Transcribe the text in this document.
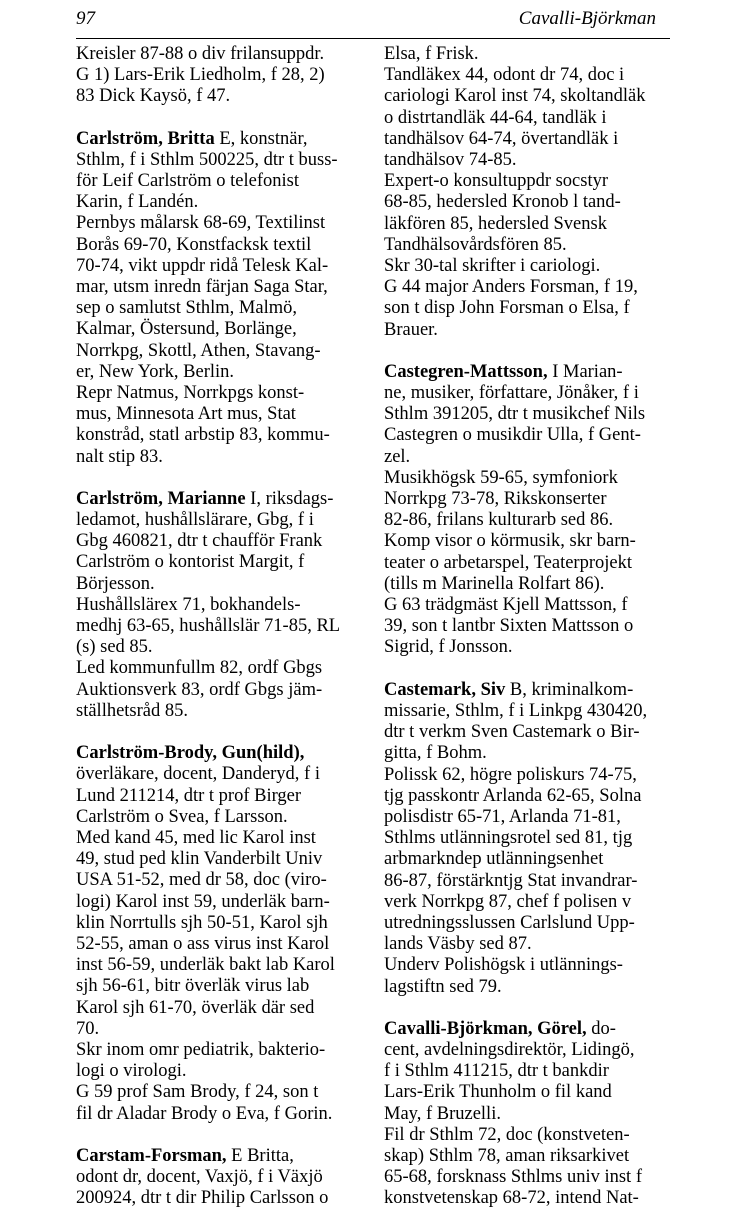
97	Cavalli-Björkman
Kreisler 87-88 o div frilansuppdr.
G 1) Lars-Erik Liedholm, f 28, 2)
83 Dick Kaysö, f 47.
Carlström, Britta E, konstnär,
Sthlm, f i Sthlm 500225, dtr t buss-
för Leif Carlström o telefonist
Karin, f Landén.
Pernbys målarsk 68-69, Textilinst
Borås 69-70, Konstfacksk textil
70-74, vikt uppdr ridå Telesk Kal-
mar, utsm inredn färjan Saga Star,
sep o samlutst Sthlm, Malmö,
Kalmar, Östersund, Borlänge,
Norrkpg, Skottl, Athen, Stavang-
er, New York, Berlin.
Repr Natmus, Norrkpgs konst-
mus, Minnesota Art mus, Stat
konstråd, statl arbstip 83, kommu-
nalt stip 83.
Carlström, Marianne I, riksdags-
ledamot, hushållslärare, Gbg, f i
Gbg 460821, dtr t chaufför Frank
Carlström o kontorist Margit, f
Börjesson.
Hushållslärex 71, bokhandels-
medhj 63-65, hushållslär 71-85, RL
(s) sed 85.
Led kommunfullm 82, ordf Gbgs
Auktionsverk 83, ordf Gbgs jäm-
ställhetsråd 85.
Carlström-Brody, Gun(hild),
överläkare, docent, Danderyd, f i
Lund 211214, dtr t prof Birger
Carlström o Svea, f Larsson.
Med kand 45, med lic Karol inst
49, stud ped klin Vanderbilt Univ
USA 51-52, med dr 58, doc (viro-
logi) Karol inst 59, underläk barn-
klin Norrtulls sjh 50-51, Karol sjh
52-55, aman o ass virus inst Karol
inst 56-59, underläk bakt lab Karol
sjh 56-61, bitr överläk virus lab
Karol sjh 61-70, överläk där sed
70.
Skr inom omr pediatrik, bakterio-
logi o virologi.
G 59 prof Sam Brody, f 24, son t
fil dr Aladar Brody o Eva, f Gorin.
Carstam-Forsman, E Britta,
odont dr, docent, Vaxjö, f i Växjö
200924, dtr t dir Philip Carlsson o
Elsa, f Frisk.
Tandläkex 44, odont dr 74, doc i
cariologi Karol inst 74, skoltandläk
o distrtandläk 44-64, tandläk i
tandhälsov 64-74, övertandläk i
tandhälsov 74-85.
Expert-o konsultuppdr socstyr
68-85, hedersled Kronob l tand-
läkfören 85, hedersled Svensk
Tandhälsovårdsfören 85.
Skr 30-tal skrifter i cariologi.
G 44 major Anders Forsman, f 19,
son t disp John Forsman o Elsa, f
Brauer.
Castegren-Mattsson, I Marian-
ne, musiker, författare, Jönåker, f i
Sthlm 391205, dtr t musikchef Nils
Castegren o musikdir Ulla, f Gent-
zel.
Musikhögsk 59-65, symfoniork
Norrkpg 73-78, Rikskonserter
82-86, frilans kulturarb sed 86.
Komp visor o körmusik, skr barn-
teater o arbetarspel, Teaterprojekt
(tills m Marinella Rolfart 86).
G 63 trädgmäst Kjell Mattsson, f
39, son t lantbr Sixten Mattsson o
Sigrid, f Jonsson.
Castemark, Siv B, kriminalkom-
missarie, Sthlm, f i Linkpg 430420,
dtr t verkm Sven Castemark o Bir-
gitta, f Bohm.
Polissk 62, högre poliskurs 74-75,
tjg passkontr Arlanda 62-65, Solna
polisdistr 65-71, Arlanda 71-81,
Sthlms utlänningsrotel sed 81, tjg
arbmarkndep utlänningsenhet
86-87, förstärkntjg Stat invandrar-
verk Norrkpg 87, chef f polisen v
utredningsslussen Carlslund Upp-
lands Väsby sed 87.
Underv Polishögsk i utlännings-
lagstiftn sed 79.
Cavalli-Björkman, Görel, do-
cent, avdelningsdirektör, Lidingö,
f i Sthlm 411215, dtr t bankdir
Lars-Erik Thunholm o fil kand
May, f Bruzelli.
Fil dr Sthlm 72, doc (konstveten-
skap) Sthlm 78, aman riksarkivet
65-68, forsknass Sthlms univ inst f
konstvetenskap 68-72, intend Nat-
